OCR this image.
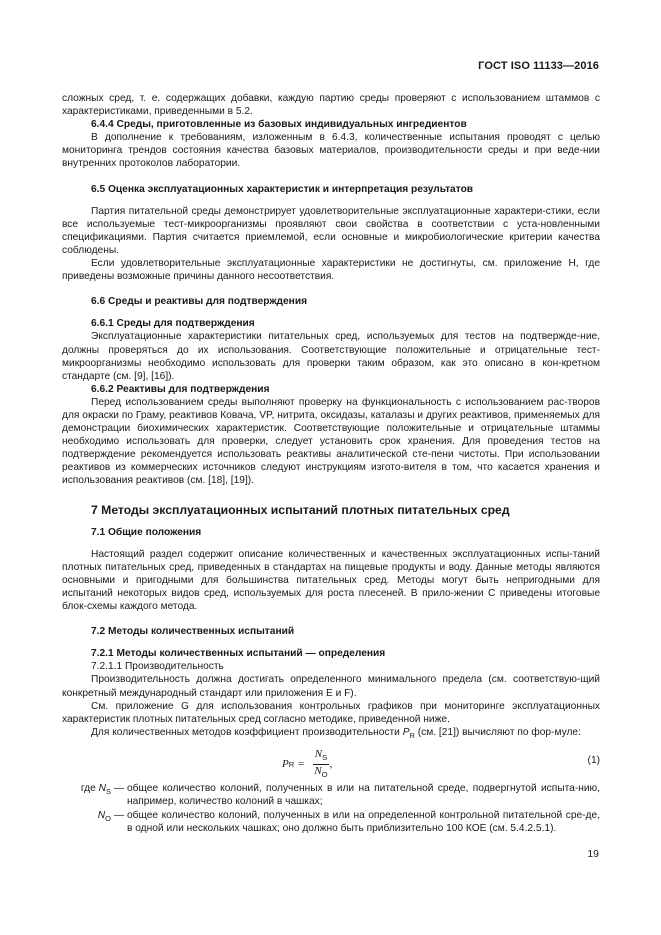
ГОСТ ISO 11133—2016

сложных сред, т. е. содержащих добавки, каждую партию среды проверяют с использованием штаммов с характеристиками, приведенными в 5.2.

6.4.4 Среды, приготовленные из базовых индивидуальных ингредиентов

В дополнение к требованиям, изложенным в 6.4.3, количественные испытания проводят с целью мониторинга трендов состояния качества базовых материалов, производительности среды и при веде-нии внутренних протоколов лаборатории.

6.5 Оценка эксплуатационных характеристик и интерпретация результатов

Партия питательной среды демонстрирует удовлетворительные эксплуатационные характери-стики, если все используемые тест-микроорганизмы проявляют свои свойства в соответствии с уста-новленными спецификациями. Партия считается приемлемой, если основные и микробиологические критерии качества соблюдены.

Если удовлетворительные эксплуатационные характеристики не достигнуты, см. приложение Н, где приведены возможные причины данного несоответствия.

6.6 Среды и реактивы для подтверждения

6.6.1 Среды для подтверждения

Эксплуатационные характеристики питательных сред, используемых для тестов на подтвержде-ние, должны проверяться до их использования. Соответствующие положительные и отрицательные тест-микроорганизмы необходимо использовать для проверки таким образом, как это описано в кон-кретном стандарте (см. [9], [16]).

6.6.2 Реактивы для подтверждения

Перед использованием среды выполняют проверку на функциональность с использованием рас-творов для окраски по Граму, реактивов Ковача, VP, нитрита, оксидазы, каталазы и других реактивов, применяемых для демонстрации биохимических характеристик. Соответствующие положительные и отрицательные штаммы необходимо использовать для проверки, следует установить срок хранения. Для проведения тестов на подтверждение рекомендуется использовать реактивы аналитической сте-пени чистоты. При использовании реактивов из коммерческих источников следуют инструкциям изгото-вителя в том, что касается хранения и использования реактивов (см. [18], [19]).

7 Методы эксплуатационных испытаний плотных питательных сред

7.1 Общие положения

Настоящий раздел содержит описание количественных и качественных эксплуатационных испы-таний плотных питательных сред, приведенных в стандартах на пищевые продукты и воду. Данные методы являются основными и пригодными для большинства питательных сред. Методы могут быть непригодными для испытаний некоторых видов сред, используемых для роста плесеней. В прило-жении С приведены итоговые блок-схемы каждого метода.

7.2 Методы количественных испытаний

7.2.1 Методы количественных испытаний — определения

7.2.1.1 Производительность

Производительность должна достигать определенного минимального предела (см. соответствую-щий конкретный международный стандарт или приложения Е и F).

См. приложение G для использования контрольных графиков при мониторинге эксплуатационных характеристик плотных питательных сред согласно методике, приведенной ниже.

Для количественных методов коэффициент производительности $P_R$ (см. [21]) вычисляют по фор-муле:

P $R = \frac{N_S}{N_O}$ ,	(1)
где $N_S$ — общее количество колоний, полученных в или на питательной среде, подвергнутой испыта-нию, например, количество колоний в чашках;
$N_O$ — общее количество колоний, полученных в или на определенной контрольной питательной сре-де, в одной или нескольких чашках; оно должно быть приблизительно 100 КОЕ (см. 5.4.2.5.1).
19
